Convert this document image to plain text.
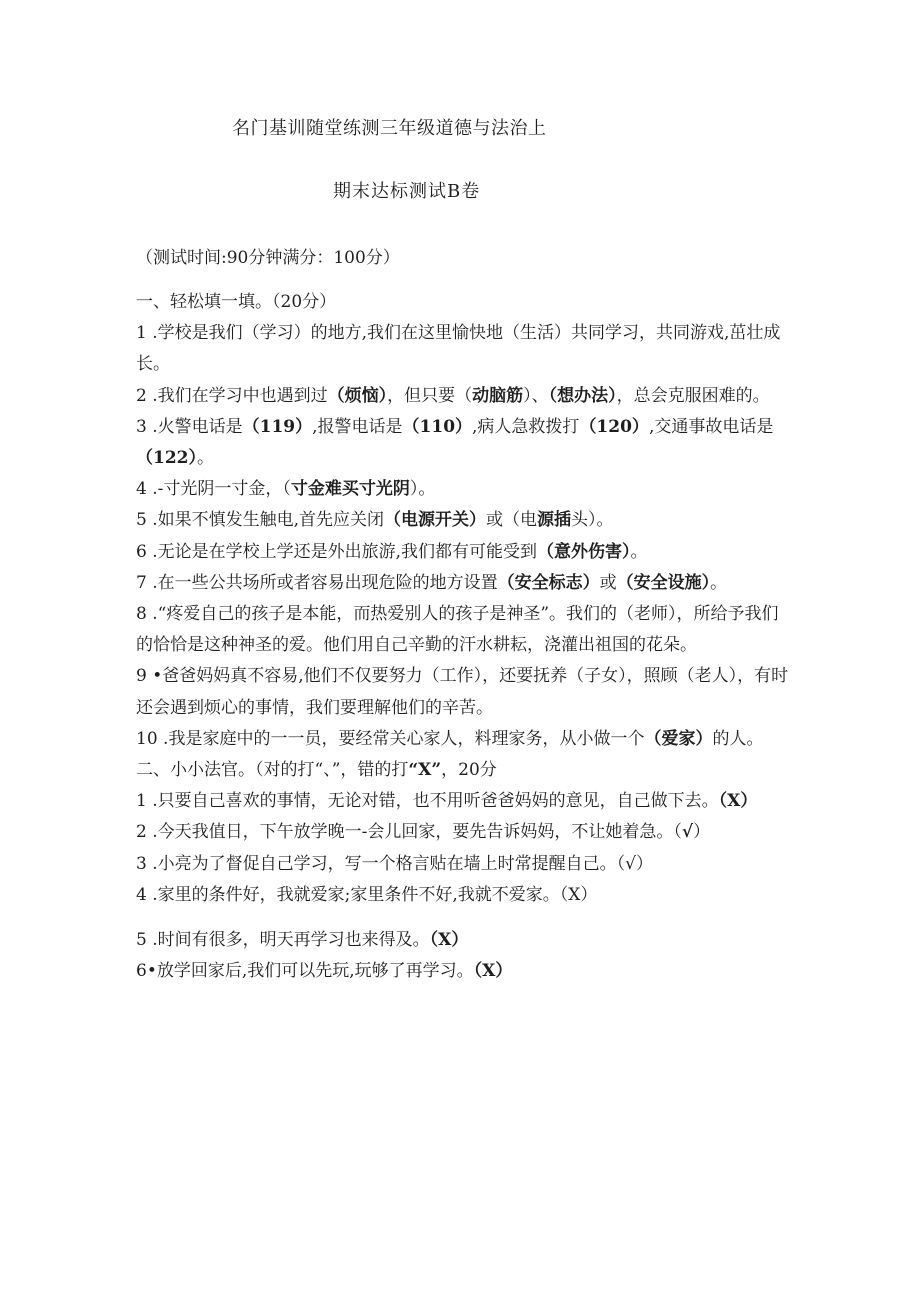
名门基训随堂练测三年级道德与法治上
期末达标测试B卷
（测试时间:90分钟满分：100分）

一、轻松填一填。（20分）

1 .学校是我们（学习）的地方,我们在这里愉快地（生活）共同学习，共同游戏,茁壮成长。

2 .我们在学习中也遇到过（烦恼），但只要（动脑筋）、（想办法），总会克服困难的。

3 .火警电话是（119）,报警电话是（110）,病人急救拨打（120）,交通事故电话是（122）。

4 .-寸光阴一寸金，（寸金难买寸光阴）。

5 .如果不慎发生触电,首先应关闭（电源开关）或（电源插头）。

6 .无论是在学校上学还是外出旅游,我们都有可能受到（意外伤害）。

7 .在一些公共场所或者容易出现危险的地方设置（安全标志）或（安全设施）。

8 .“疼爱自己的孩子是本能，而热爱别人的孩子是神圣”。我们的（老师），所给予我们的恰恰是这种神圣的爱。他们用自己辛勤的汗水耕耘，浇灌出祖国的花朵。

9 •爸爸妈妈真不容易,他们不仅要努力（工作），还要抚养（子女），照顾（老人），有时还会遇到烦心的事情，我们要理解他们的辛苦。

10 .我是家庭中的一一员，要经常关心家人，料理家务，从小做一个（爱家）的人。

二、小小法官。（对的打“、”，错的打“X”，20分

1 .只要自己喜欢的事情，无论对错，也不用听爸爸妈妈的意见，自己做下去。（X）

2 .今天我值日，下午放学晚一-会儿回家，要先告诉妈妈，不让她着急。（√）

3 .小亮为了督促自己学习，写一个格言贴在墙上时常提醒自己。（√）

4 .家里的条件好，我就爱家;家里条件不好,我就不爱家。（X）

5 .时间有很多，明天再学习也来得及。（X）

6•放学回家后,我们可以先玩,玩够了再学习。（X）
